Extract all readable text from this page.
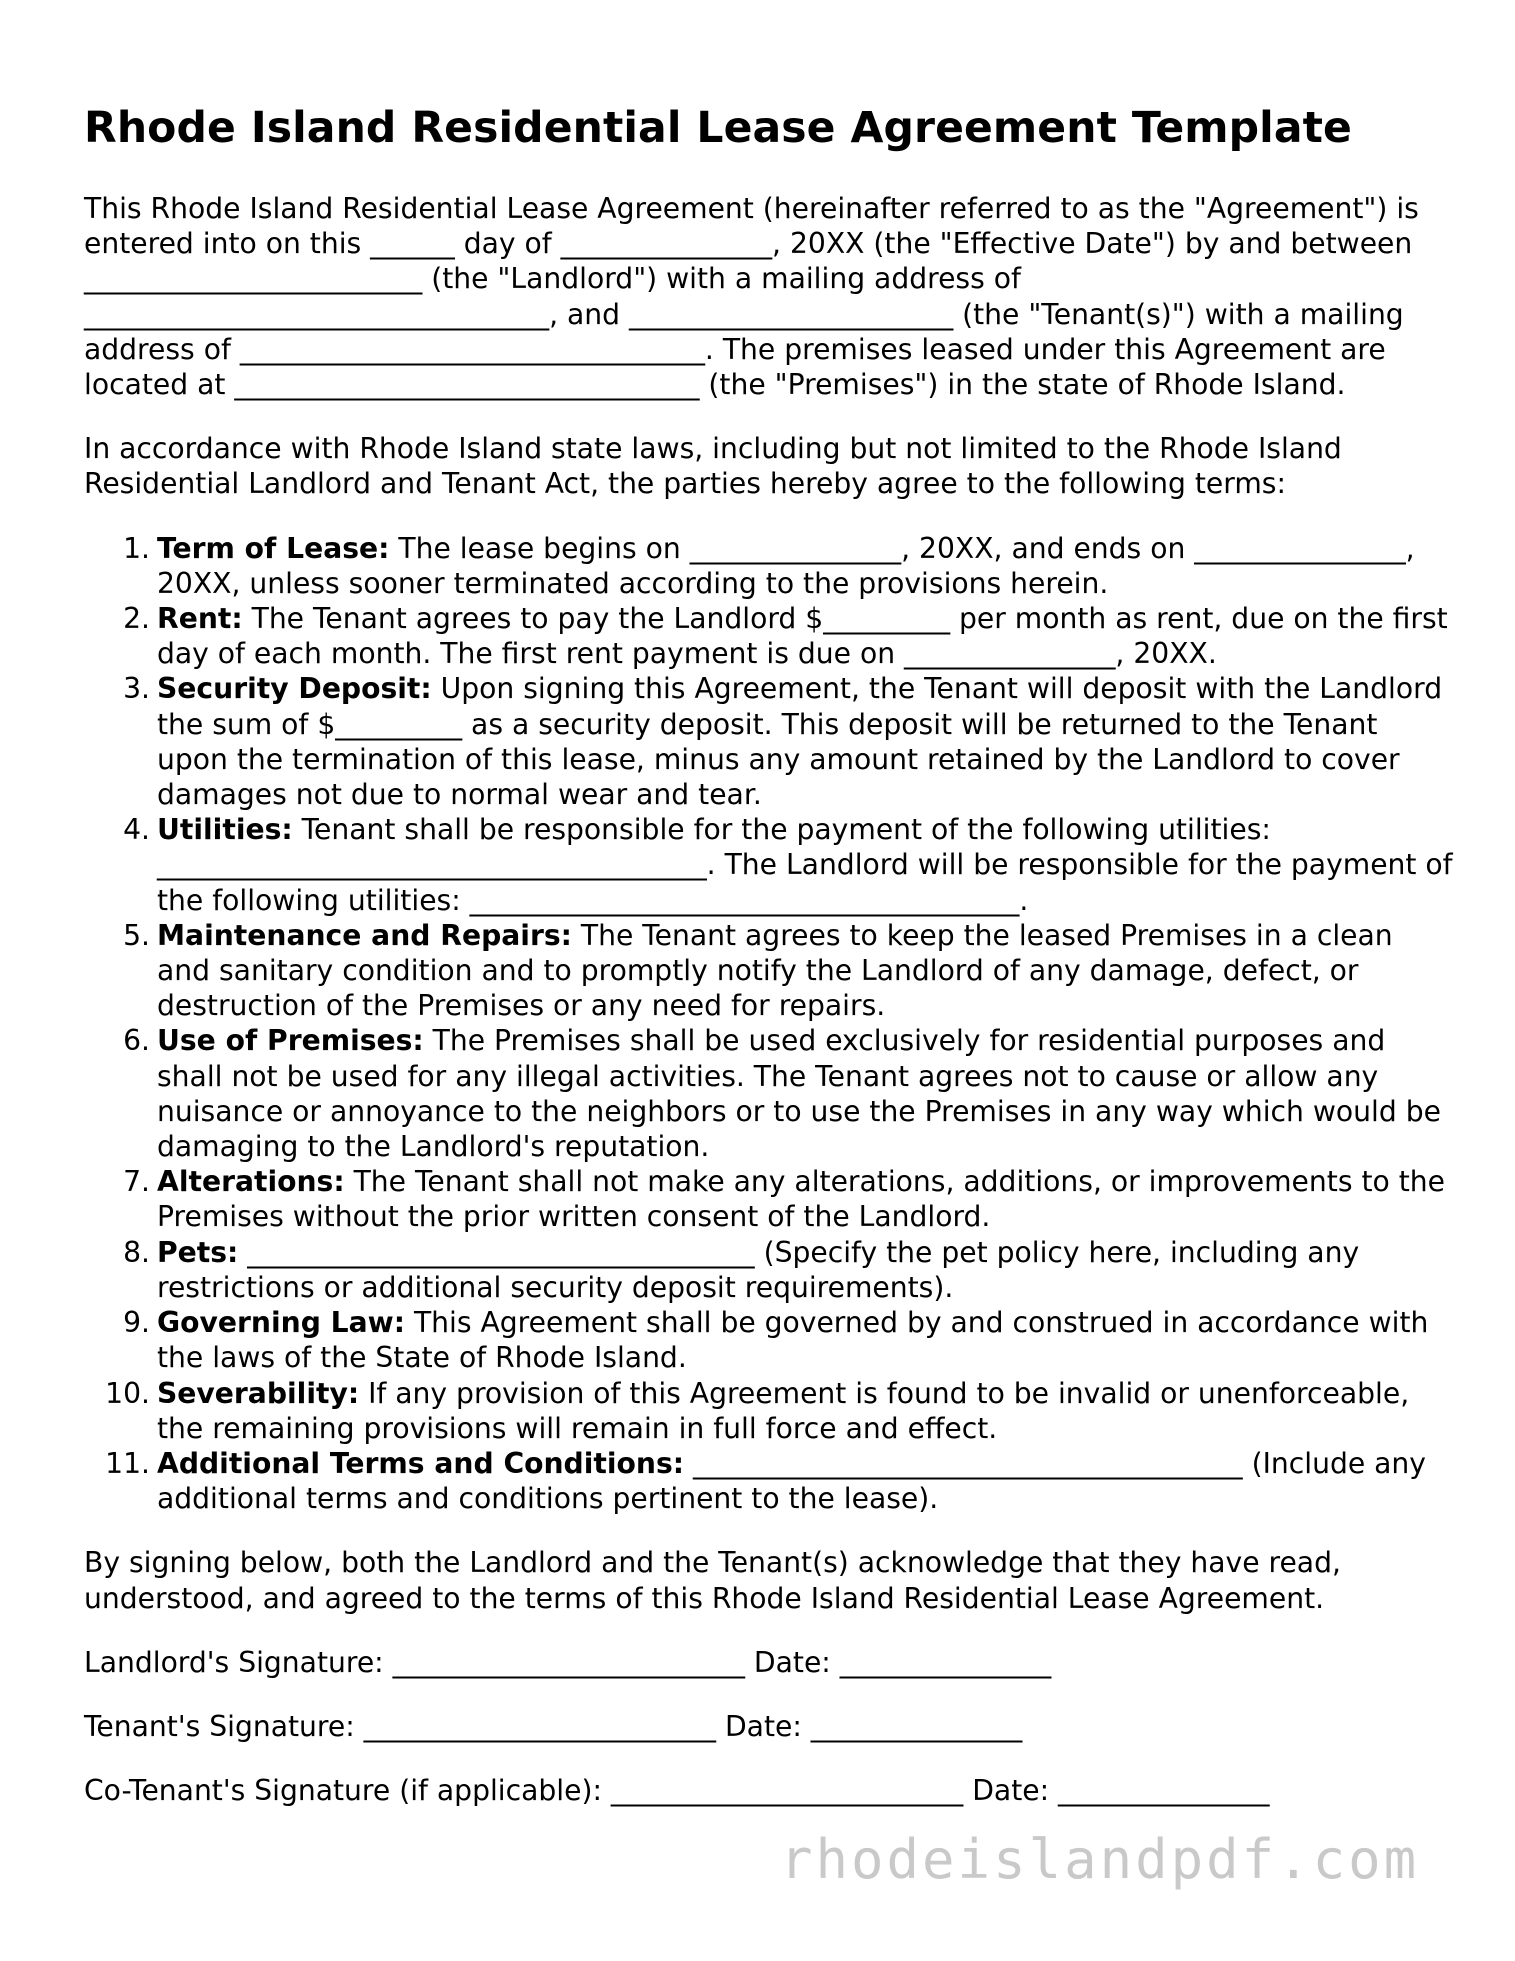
Rhode Island Residential Lease Agreement Template

This Rhode Island Residential Lease Agreement (hereinafter referred to as the "Agreement") is entered into on this ______ day of _______________, 20XX (the "Effective Date") by and between ________________________ (the "Landlord") with a mailing address of _________________________________, and _______________________ (the "Tenant(s)") with a mailing address of _________________________________. The premises leased under this Agreement are located at _________________________________ (the "Premises") in the state of Rhode Island.

In accordance with Rhode Island state laws, including but not limited to the Rhode Island Residential Landlord and Tenant Act, the parties hereby agree to the following terms:

1. Term of Lease: The lease begins on _______________, 20XX, and ends on _______________, 20XX, unless sooner terminated according to the provisions herein.
2. Rent: The Tenant agrees to pay the Landlord $_________ per month as rent, due on the first day of each month. The first rent payment is due on _______________, 20XX.
3. Security Deposit: Upon signing this Agreement, the Tenant will deposit with the Landlord the sum of $_________ as a security deposit. This deposit will be returned to the Tenant upon the termination of this lease, minus any amount retained by the Landlord to cover damages not due to normal wear and tear.
4. Utilities: Tenant shall be responsible for the payment of the following utilities: _______________________________________. The Landlord will be responsible for the payment of the following utilities: _______________________________________.
5. Maintenance and Repairs: The Tenant agrees to keep the leased Premises in a clean and sanitary condition and to promptly notify the Landlord of any damage, defect, or destruction of the Premises or any need for repairs.
6. Use of Premises: The Premises shall be used exclusively for residential purposes and shall not be used for any illegal activities. The Tenant agrees not to cause or allow any nuisance or annoyance to the neighbors or to use the Premises in any way which would be damaging to the Landlord's reputation.
7. Alterations: The Tenant shall not make any alterations, additions, or improvements to the Premises without the prior written consent of the Landlord.
8. Pets: ____________________________________ (Specify the pet policy here, including any restrictions or additional security deposit requirements).
9. Governing Law: This Agreement shall be governed by and construed in accordance with the laws of the State of Rhode Island.
10. Severability: If any provision of this Agreement is found to be invalid or unenforceable, the remaining provisions will remain in full force and effect.
11. Additional Terms and Conditions: _______________________________________ (Include any additional terms and conditions pertinent to the lease).

By signing below, both the Landlord and the Tenant(s) acknowledge that they have read, understood, and agreed to the terms of this Rhode Island Residential Lease Agreement.

Landlord's Signature: _________________________ Date: _______________

Tenant's Signature: _________________________ Date: _______________

Co-Tenant's Signature (if applicable): _________________________ Date: _______________

rhodeislandpdf.com
